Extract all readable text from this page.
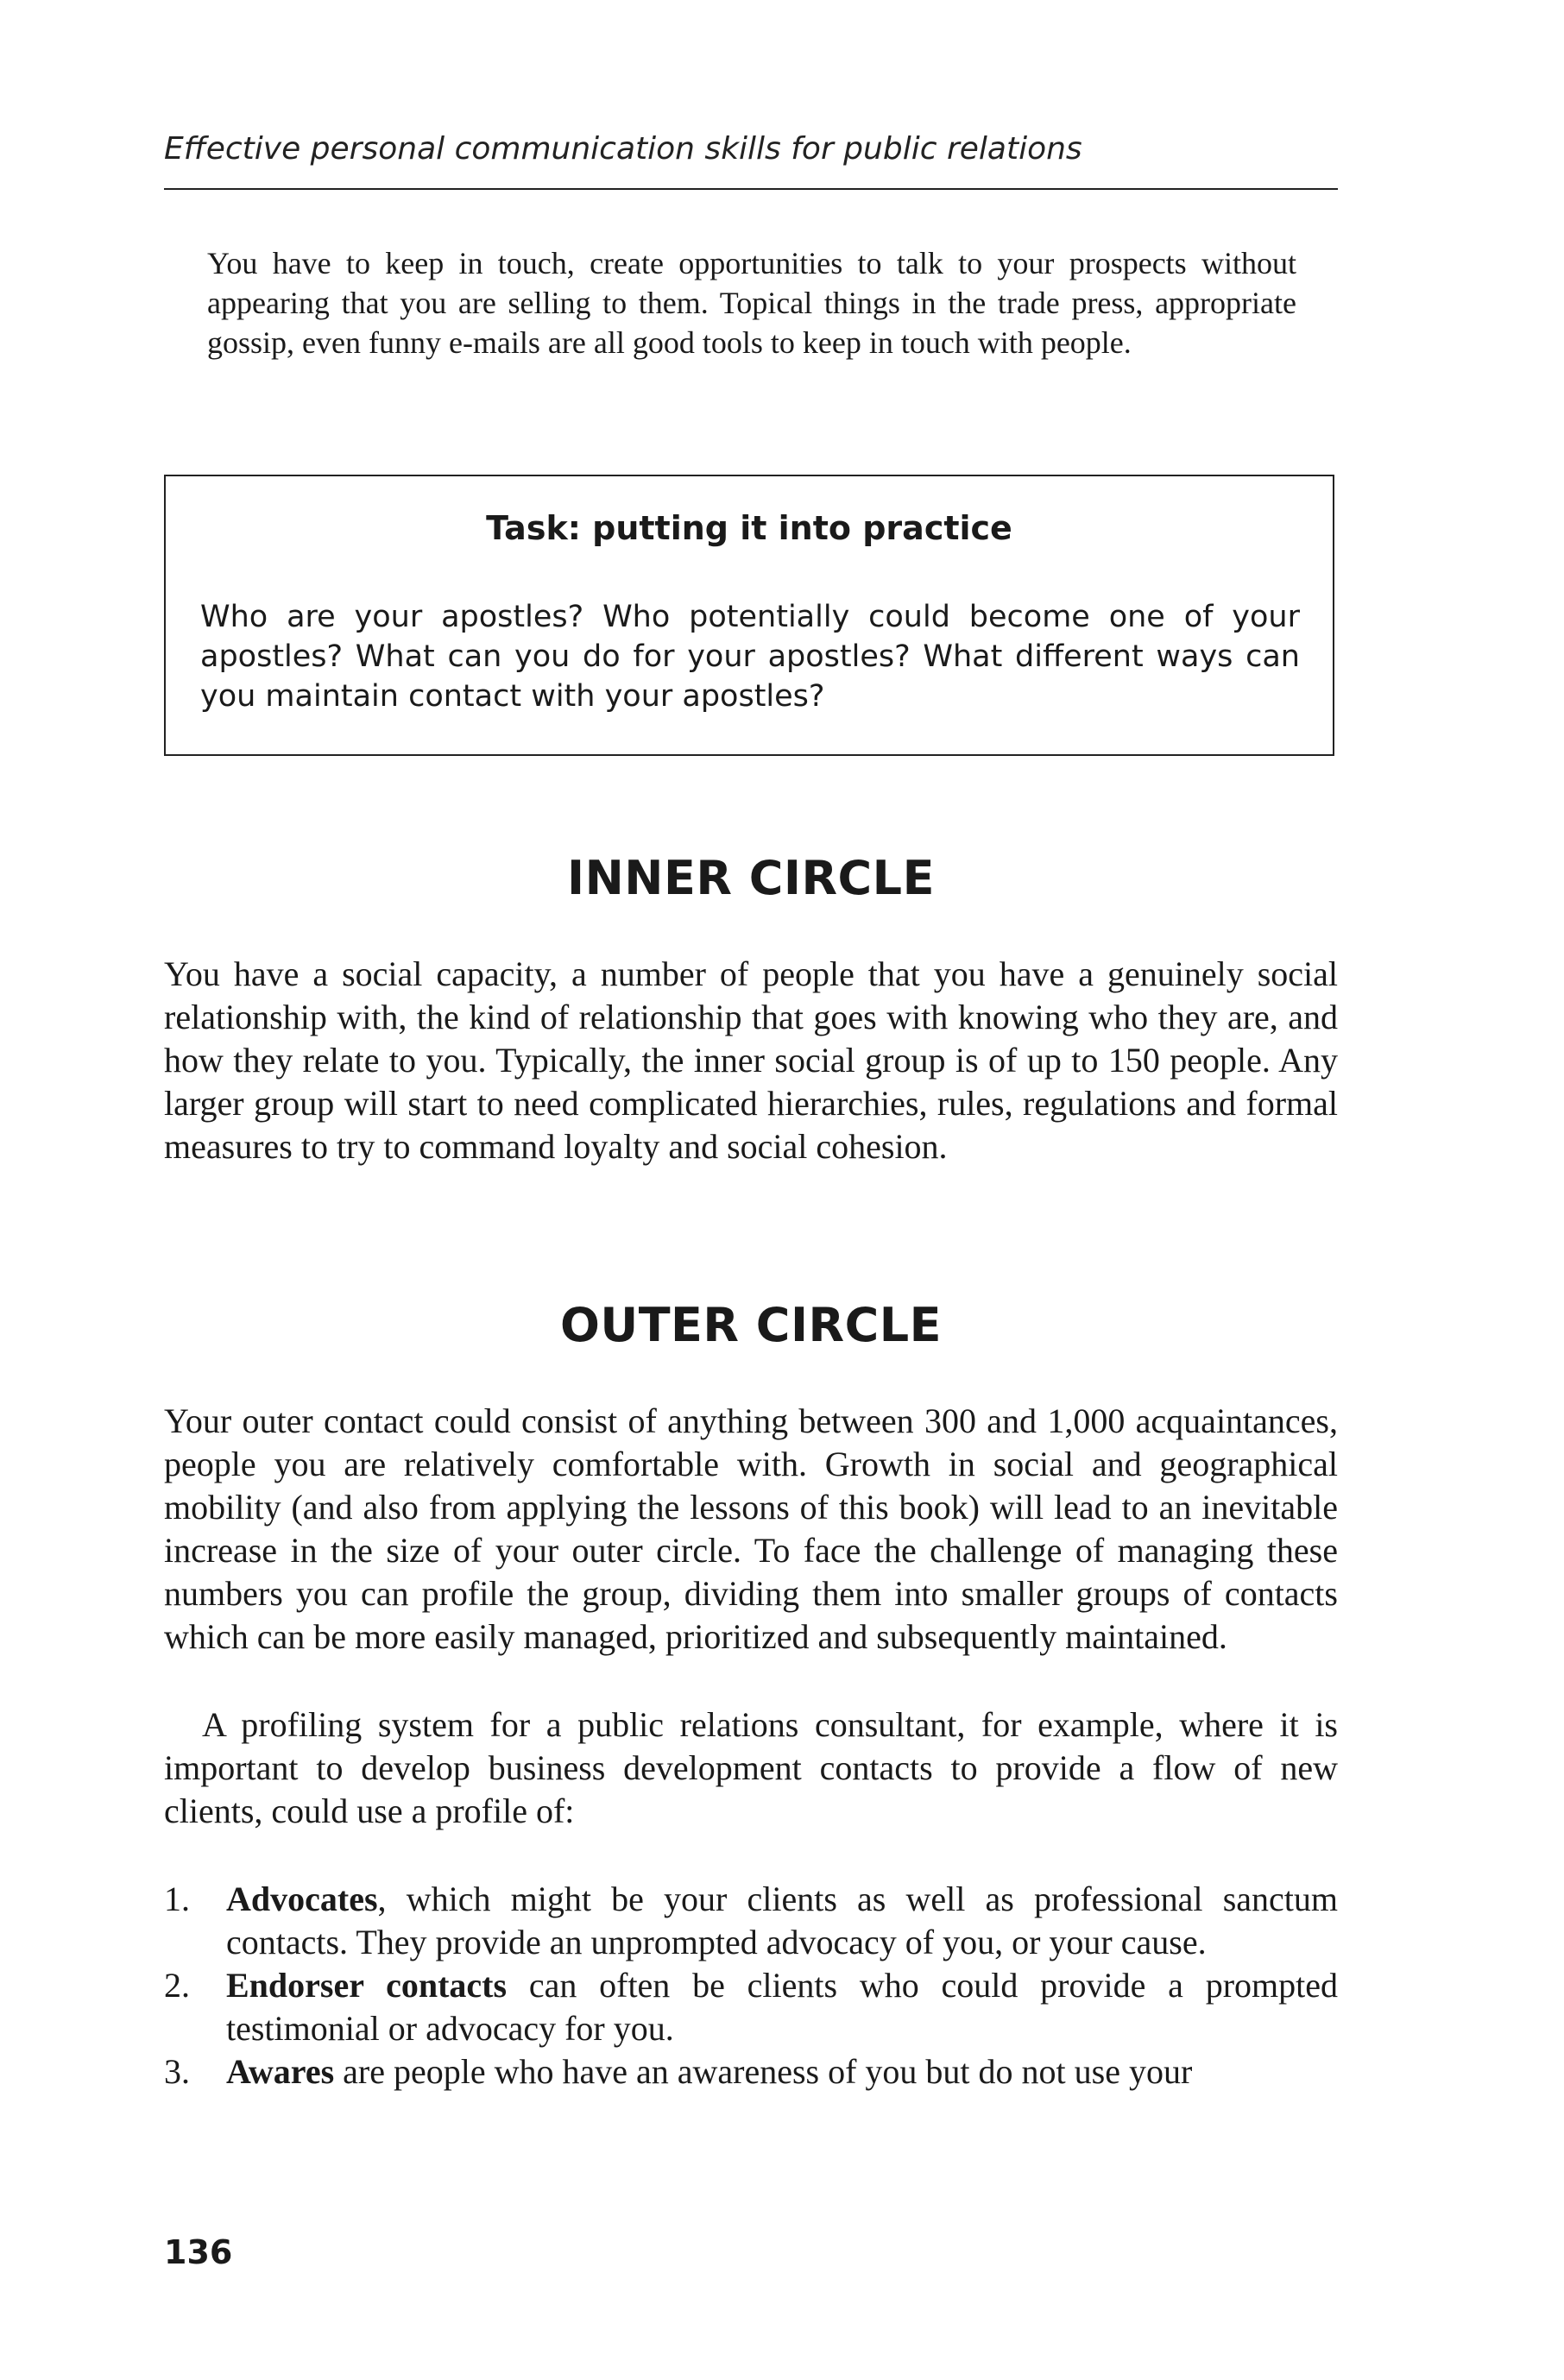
Effective personal communication skills for public relations

You have to keep in touch, create opportunities to talk to your prospects without appearing that you are selling to them. Topical things in the trade press, appropriate gossip, even funny e-mails are all good tools to keep in touch with people.

Task: putting it into practice
Who are your apostles? Who potentially could become one of your apostles? What can you do for your apostles? What different ways can you maintain contact with your apostles?
INNER CIRCLE

You have a social capacity, a number of people that you have a genuinely social relationship with, the kind of relationship that goes with knowing who they are, and how they relate to you. Typically, the inner social group is of up to 150 people. Any larger group will start to need complicated hierarchies, rules, regulations and formal measures to try to command loyalty and social cohesion.

OUTER CIRCLE

Your outer contact could consist of anything between 300 and 1,000 acquaintances, people you are relatively comfortable with. Growth in social and geographical mobility (and also from applying the lessons of this book) will lead to an inevitable increase in the size of your outer circle. To face the challenge of managing these numbers you can profile the group, dividing them into smaller groups of contacts which can be more easily managed, prioritized and subsequently maintained.

A profiling system for a public relations consultant, for example, where it is important to develop business development contacts to provide a flow of new clients, could use a profile of:

1.	Advocates, which might be your clients as well as professional sanctum contacts. They provide an unprompted advocacy of you, or your cause.
2.	Endorser contacts can often be clients who could provide a prompted testimonial or advocacy for you.
3.	Awares are people who have an awareness of you but do not use your
136
